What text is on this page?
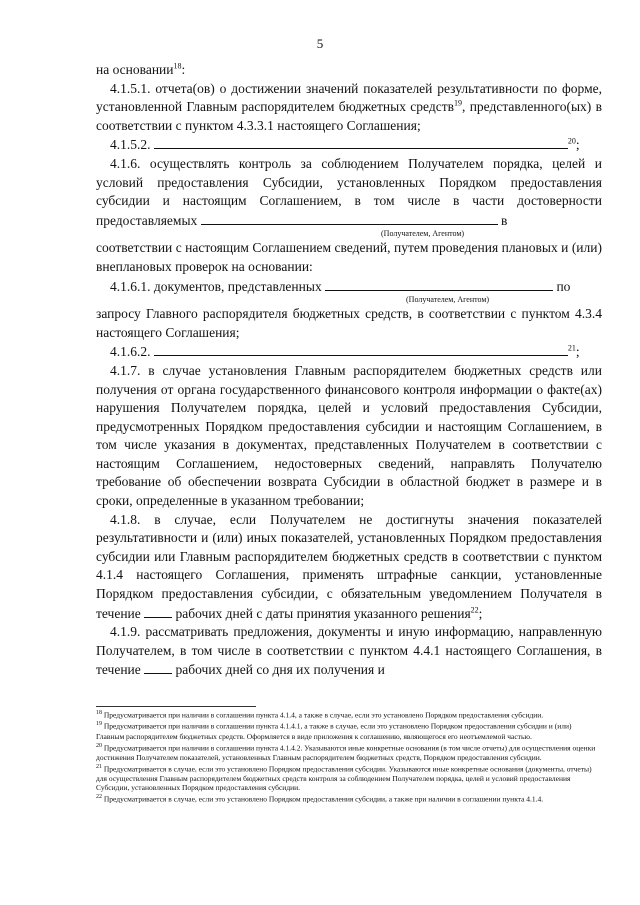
5

на основании$^{18}$:

4.1.5.1. отчета(ов) о достижении значений показателей результативности по форме, установленной Главным распорядителем бюджетных средств$^{19}$, представленного(ых) в соответствии с пунктом 4.3.3.1 настоящего Соглашения;

4.1.5.2.	$^{20}$;

4.1.6. осуществлять контроль за соблюдением Получателем порядка, целей и условий предоставления Субсидии, установленных Порядком предоставления субсидии и настоящим Соглашением, в том числе в части достоверности предоставляемых	в

(Получателем, Агентом)

соответствии с настоящим Соглашением сведений, путем проведения плановых и (или) внеплановых проверок на основании:

4.1.6.1. документов, представленных	по

(Получателем, Агентом)

запросу Главного распорядителя бюджетных средств, в соответствии с пунктом 4.3.4 настоящего Соглашения;

4.1.6.2.	$^{21}$;

4.1.7. в случае установления Главным распорядителем бюджетных средств или получения от органа государственного финансового контроля информации о факте(ах) нарушения Получателем порядка, целей и условий предоставления Субсидии, предусмотренных Порядком предоставления субсидии и настоящим Соглашением, в том числе указания в документах, представленных Получателем в соответствии с настоящим Соглашением, недостоверных сведений, направлять Получателю требование об обеспечении возврата Субсидии в областной бюджет в размере и в сроки, определенные в указанном требовании;

4.1.8. в случае, если Получателем не достигнуты значения показателей результативности и (или) иных показателей, установленных Порядком предоставления субсидии или Главным распорядителем бюджетных средств в соответствии с пунктом 4.1.4 настоящего Соглашения, применять штрафные санкции, установленные Порядком предоставления субсидии, с обязательным уведомлением Получателя в течение	рабочих дней с даты принятия указанного решения$^{22}$;

4.1.9. рассматривать предложения, документы и иную информацию, направленную Получателем, в том числе в соответствии с пунктом 4.4.1 настоящего Соглашения, в течение	рабочих дней со дня их получения и

$^{18}$ Предусматривается при наличии в соглашении пункта 4.1.4, а также в случае, если это установлено Порядком предоставления субсидии.

$^{19}$ Предусматривается при наличии в соглашении пункта 4.1.4.1, а также в случае, если это установлено Порядком предоставления субсидии и (или) Главным распорядителем бюджетных средств. Оформляется в виде приложения к соглашению, являющегося его неотъемлемой частью.

$^{20}$ Предусматривается при наличии в соглашении пункта 4.1.4.2. Указываются иные конкретные основания (в том числе отчеты) для осуществления оценки достижения Получателем показателей, установленных Главным распорядителем бюджетных средств, Порядком предоставления субсидии.

$^{21}$ Предусматривается в случае, если это установлено Порядком предоставления субсидии. Указываются иные конкретные основания (документы, отчеты) для осуществления Главным распорядителем бюджетных средств контроля за соблюдением Получателем порядка, целей и условий предоставления Субсидии, установленных Порядком предоставления субсидии.

$^{22}$ Предусматривается в случае, если это установлено Порядком предоставления субсидии, а также при наличии в соглашении пункта 4.1.4.
